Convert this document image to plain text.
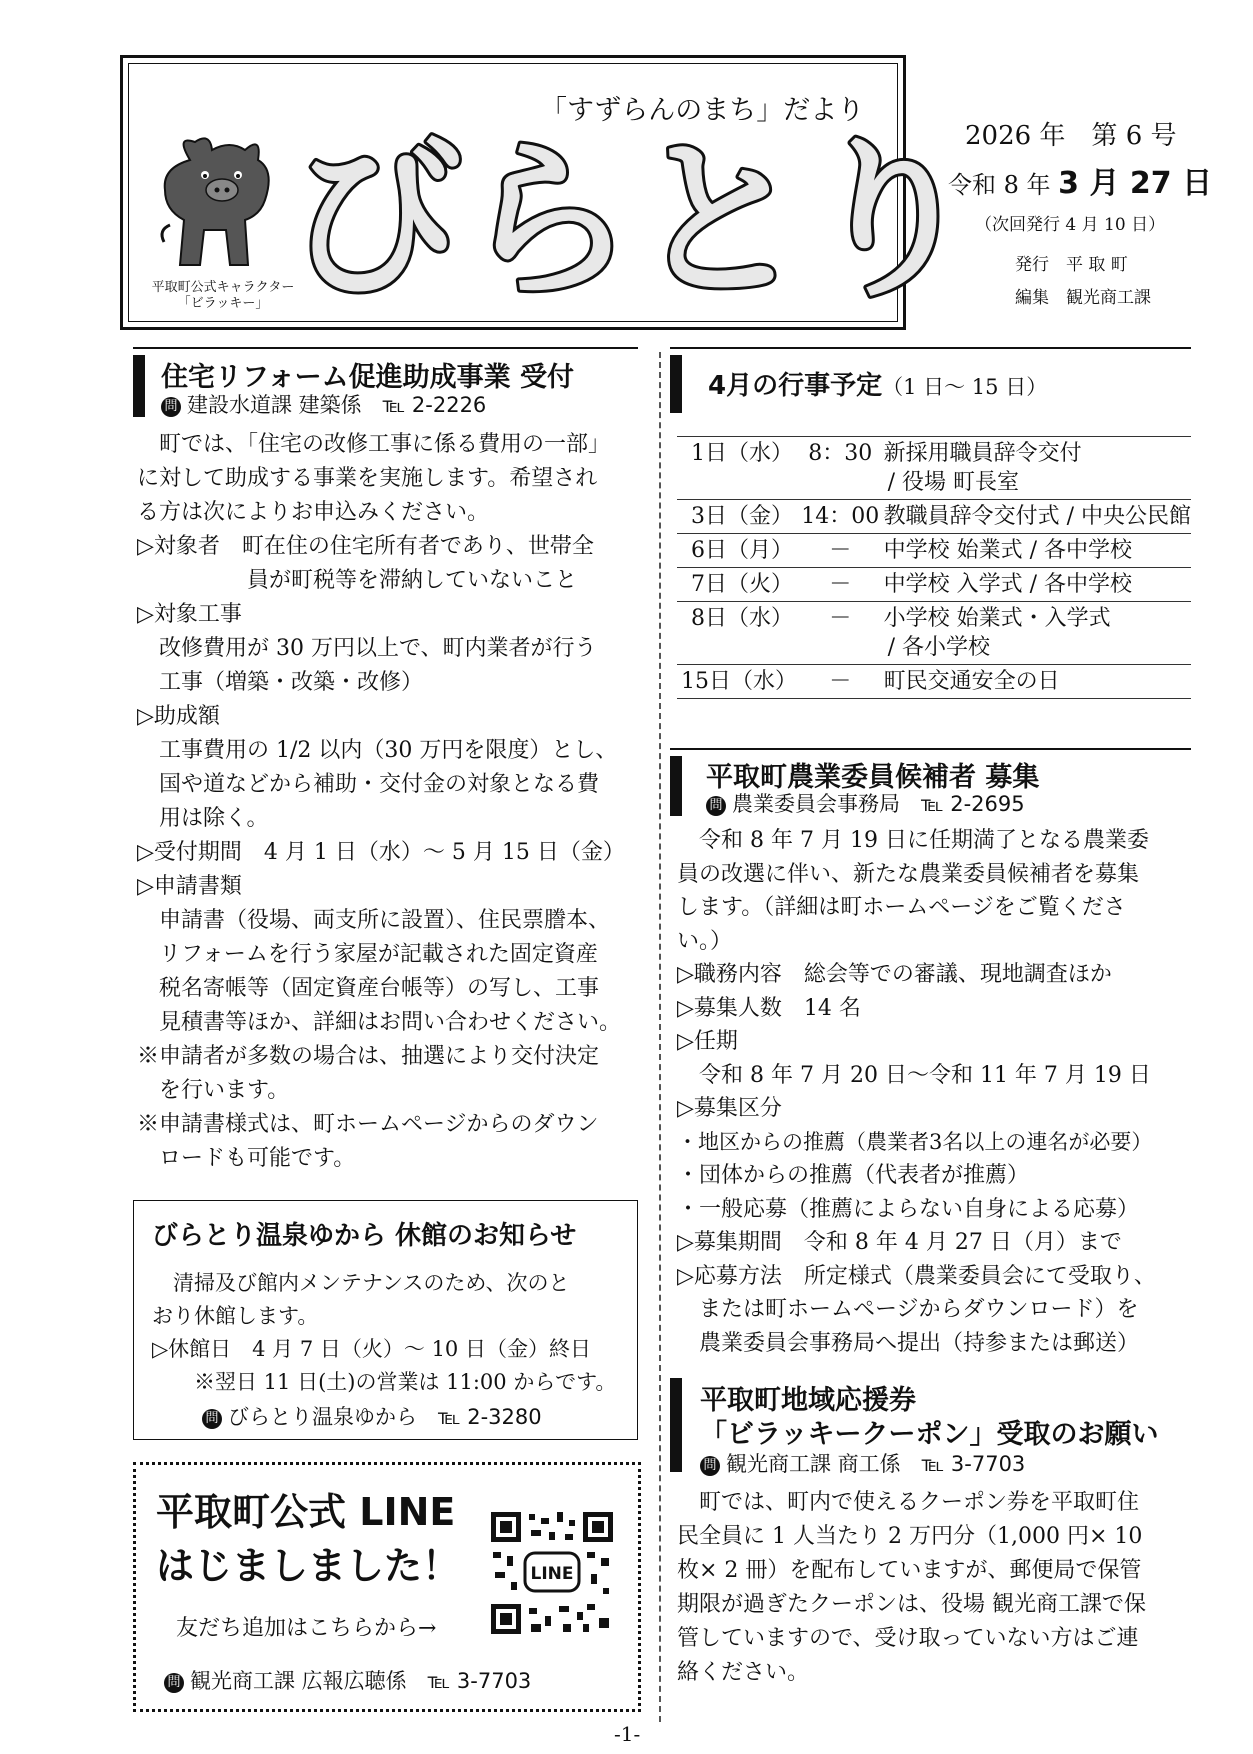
「すずらんのまち」だより
びらとり
平取町公式キャラクター
「ビラッキー」
2026 年　第 6 号
令和 8 年 3 月 27 日
（次回発行 4 月 10 日）
発行　平 取 町
編集　観光商工課
住宅リフォーム促進助成事業 受付
問 建設水道課 建築係　℡ 2-2226

　町では、「住宅の改修工事に係る費用の一部」

に対して助成する事業を実施します。希望され

る方は次によりお申込みください。

▷対象者　町在住の住宅所有者であり、世帯全

　　　　　員が町税等を滞納していないこと

▷対象工事

　改修費用が 30 万円以上で、町内業者が行う

　工事（増築・改築・改修）

▷助成額

　工事費用の 1/2 以内（30 万円を限度）とし、

　国や道などから補助・交付金の対象となる費

　用は除く。

▷受付期間　4 月 1 日（水）～ 5 月 15 日（金）

▷申請書類

　申請書（役場、両支所に設置）、住民票謄本、

　リフォームを行う家屋が記載された固定資産

　税名寄帳等（固定資産台帳等）の写し、工事

　見積書等ほか、詳細はお問い合わせください。

※申請者が多数の場合は、抽選により交付決定

　を行います。

※申請書様式は、町ホームページからのダウン

　ロードも可能です。

びらとり温泉ゆから 休館のお知らせ

　清掃及び館内メンテナンスのため、次のと

おり休館します。

▷休館日　4 月 7 日（火）～ 10 日（金）終日

　　※翌日 11 日(土)の営業は 11:00 からです。

問 びらとり温泉ゆから　℡ 2-3280
平取町公式 LINE
はじましました！
友だち追加はこちらから→
問 観光商工課 広報広聴係　℡ 3-7703
LINE
4月の行事予定（1 日～ 15 日）
1日（水）	8：30	新採用職員辞令交付
/ 役場 町長室

3日（金）	14：00	教職員辞令交付式 / 中央公民館

6日（月）	－	中学校 始業式 / 各中学校

7日（火）	－	中学校 入学式 / 各中学校

8日（水）	－	小学校 始業式・入学式
/ 各小学校

15日（水）	－	町民交通安全の日
平取町農業委員候補者 募集
問 農業委員会事務局　℡ 2-2695

　令和 8 年 7 月 19 日に任期満了となる農業委

員の改選に伴い、新たな農業委員候補者を募集

します。（詳細は町ホームページをご覧くださ

い。）

▷職務内容　総会等での審議、現地調査ほか

▷募集人数　14 名

▷任期

　令和 8 年 7 月 20 日～令和 11 年 7 月 19 日

▷募集区分

・地区からの推薦（農業者3名以上の連名が必要）

・団体からの推薦（代表者が推薦）

・一般応募（推薦によらない自身による応募）

▷募集期間　令和 8 年 4 月 27 日（月）まで

▷応募方法　所定様式（農業委員会にて受取り、

　または町ホームページからダウンロード）を

　農業委員会事務局へ提出（持参または郵送）

平取町地域応援券
「ビラッキークーポン」受取のお願い
問 観光商工課 商工係　℡ 3-7703

　町では、町内で使えるクーポン券を平取町住

民全員に 1 人当たり 2 万円分（1,000 円× 10

枚× 2 冊）を配布していますが、郵便局で保管

期限が過ぎたクーポンは、役場 観光商工課で保

管していますので、受け取っていない方はご連

絡ください。

-1-
